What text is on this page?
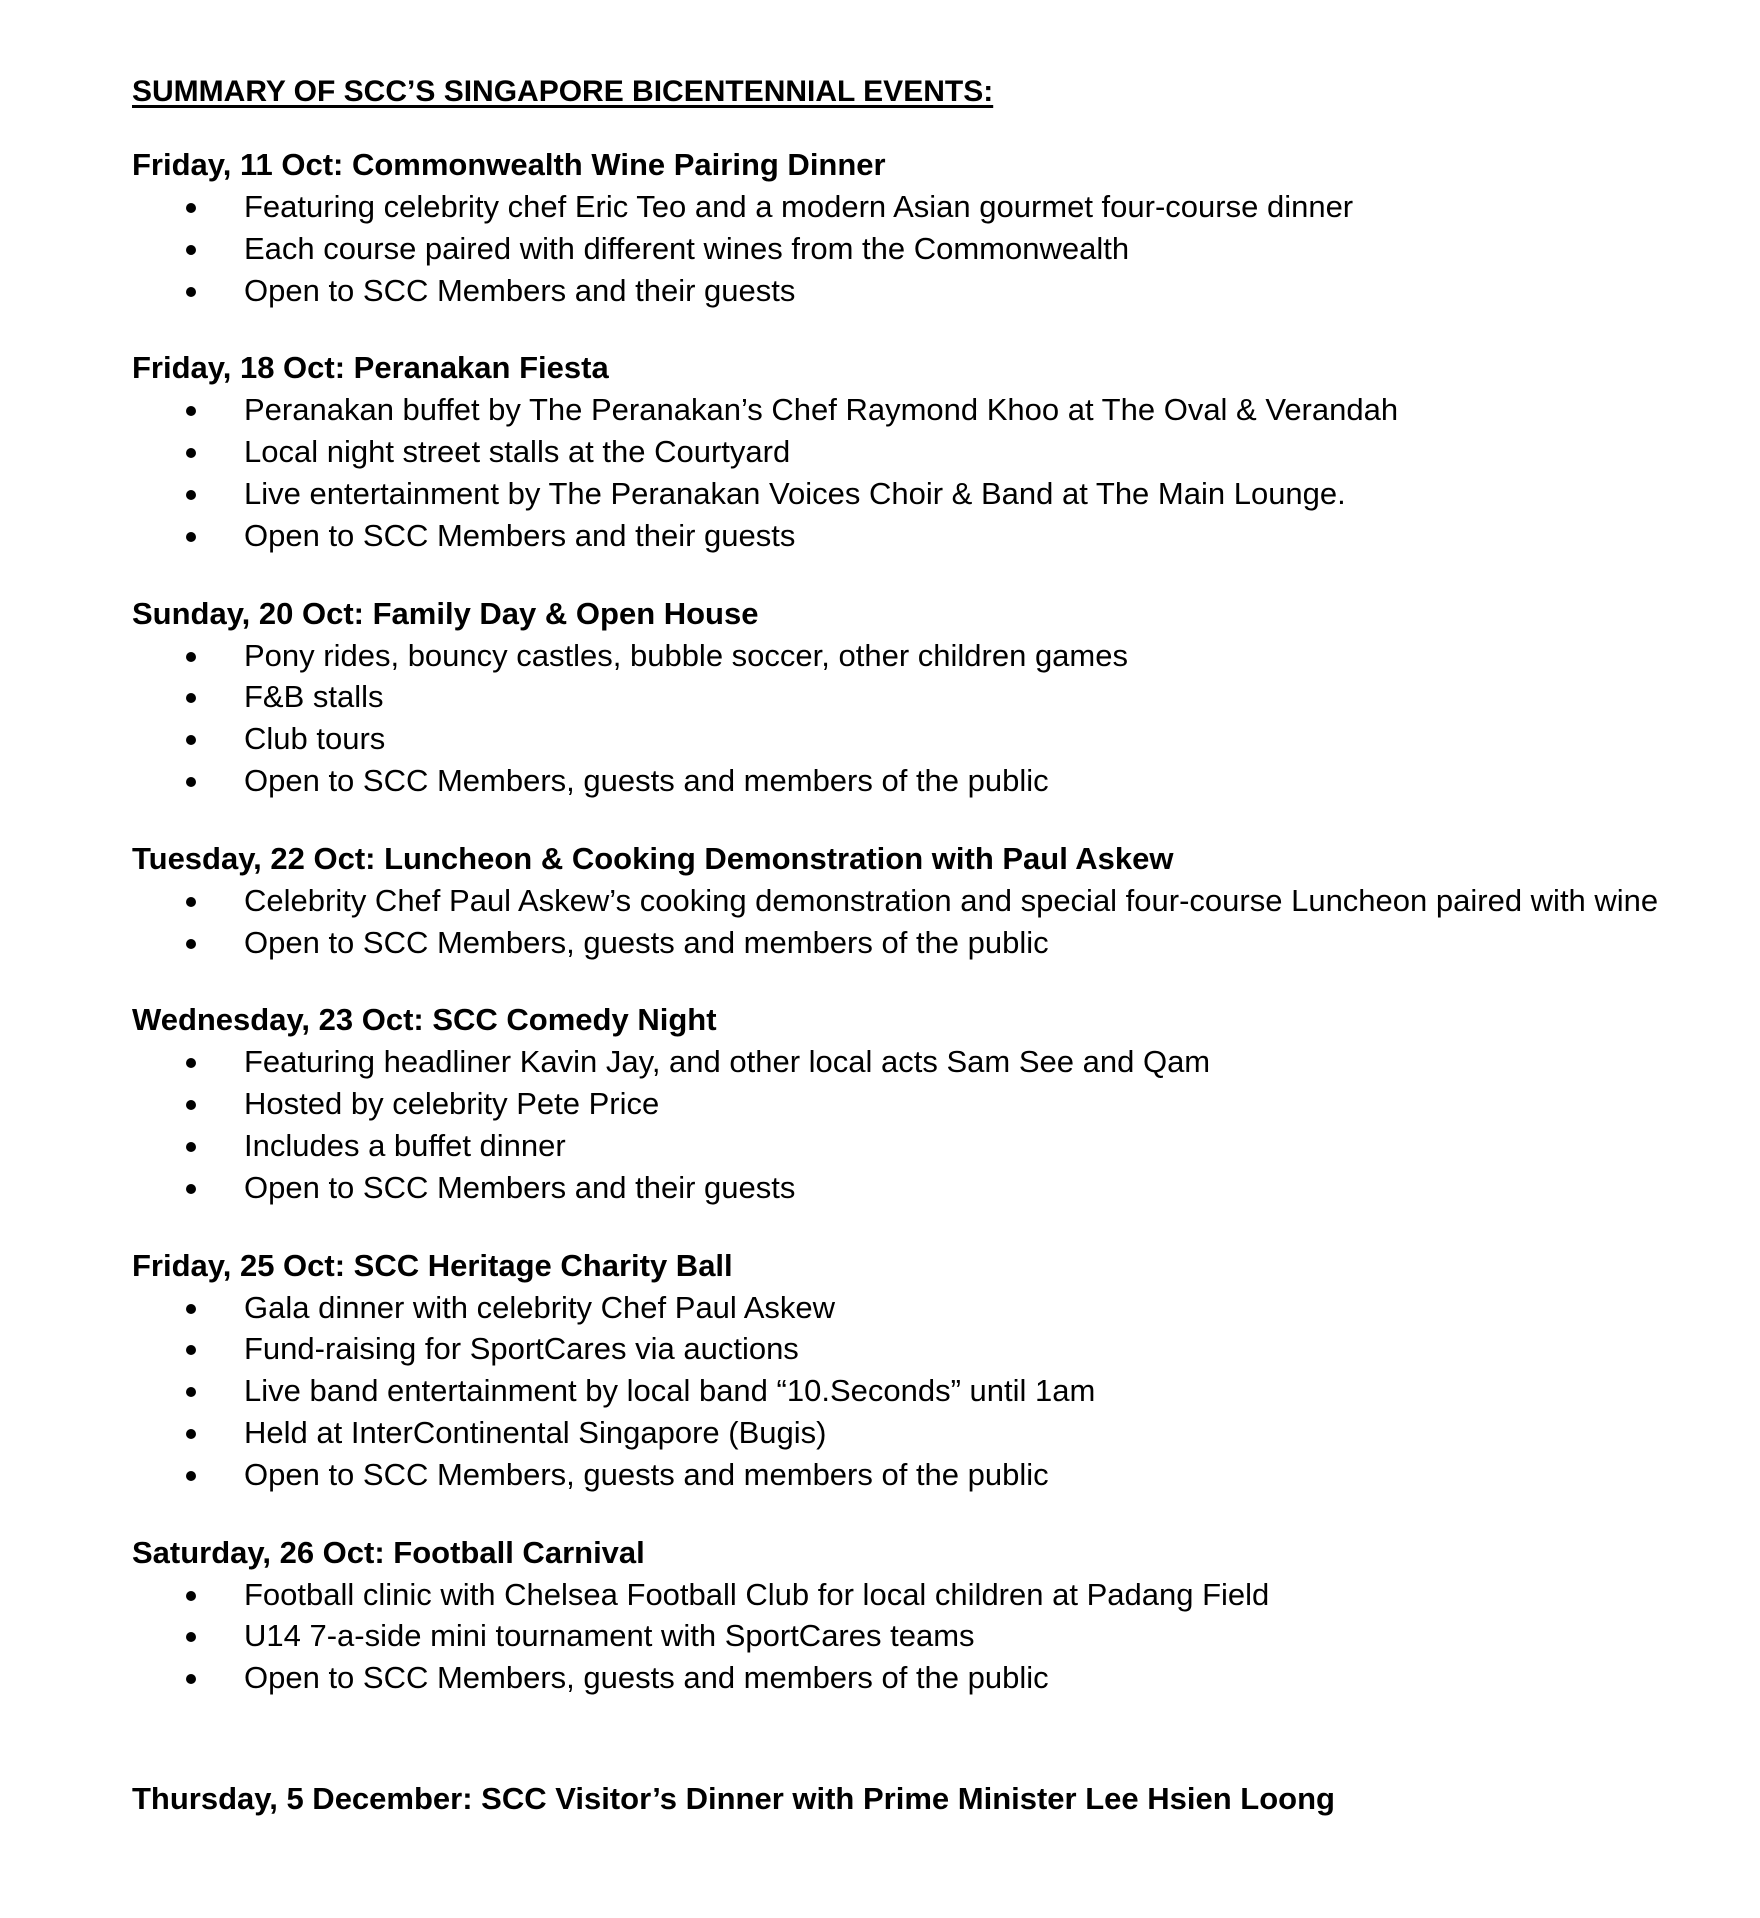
SUMMARY OF SCC’S SINGAPORE BICENTENNIAL EVENTS:
Friday, 11 Oct: Commonwealth Wine Pairing Dinner
Featuring celebrity chef Eric Teo and a modern Asian gourmet four-course dinner
Each course paired with different wines from the Commonwealth
Open to SCC Members and their guests
Friday, 18 Oct: Peranakan Fiesta
Peranakan buffet by The Peranakan’s Chef Raymond Khoo at The Oval & Verandah
Local night street stalls at the Courtyard
Live entertainment by The Peranakan Voices Choir & Band at The Main Lounge.
Open to SCC Members and their guests
Sunday, 20 Oct: Family Day & Open House
Pony rides, bouncy castles, bubble soccer, other children games
F&B stalls
Club tours
Open to SCC Members, guests and members of the public
Tuesday, 22 Oct: Luncheon & Cooking Demonstration with Paul Askew
Celebrity Chef Paul Askew’s cooking demonstration and special four-course Luncheon paired with wine
Open to SCC Members, guests and members of the public
Wednesday, 23 Oct: SCC Comedy Night
Featuring headliner Kavin Jay, and other local acts Sam See and Qam
Hosted by celebrity Pete Price
Includes a buffet dinner
Open to SCC Members and their guests
Friday, 25 Oct: SCC Heritage Charity Ball
Gala dinner with celebrity Chef Paul Askew
Fund-raising for SportCares via auctions
Live band entertainment by local band “10.Seconds” until 1am
Held at InterContinental Singapore (Bugis)
Open to SCC Members, guests and members of the public
Saturday, 26 Oct: Football Carnival
Football clinic with Chelsea Football Club for local children at Padang Field
U14 7-a-side mini tournament with SportCares teams
Open to SCC Members, guests and members of the public
Thursday, 5 December: SCC Visitor’s Dinner with Prime Minister Lee Hsien Loong
